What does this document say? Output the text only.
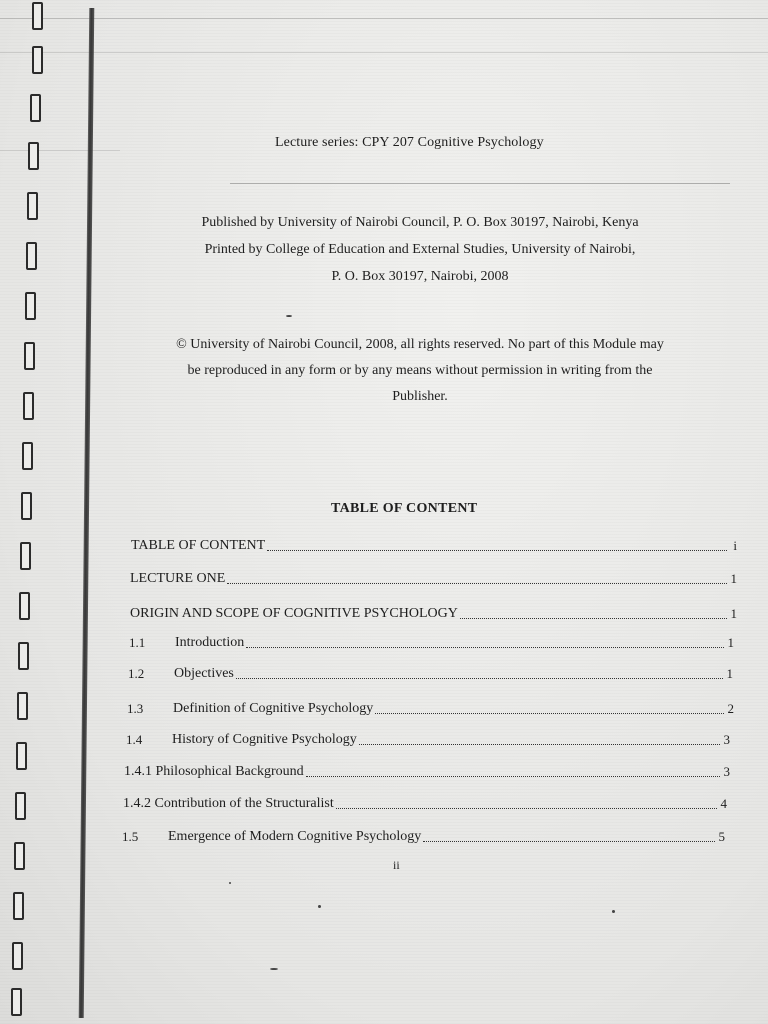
Lecture series: CPY 207 Cognitive Psychology
Published by University of Nairobi Council, P. O. Box 30197, Nairobi, Kenya
Printed by College of Education and External Studies, University of Nairobi,
P. O. Box 30197, Nairobi, 2008
© University of Nairobi Council, 2008, all rights reserved. No part of this Module may
be reproduced in any form or by any means without permission in writing from the
Publisher.
TABLE OF CONTENT
TABLE OF CONTENT	i
LECTURE ONE	1
ORIGIN AND SCOPE OF COGNITIVE PSYCHOLOGY	1
1.1	Introduction	1
1.2	Objectives	1
1.3	Definition of Cognitive Psychology	2
1.4	History of Cognitive Psychology	3
1.4.1 Philosophical Background	3
1.4.2 Contribution of the Structuralist	4
1.5	Emergence of Modern Cognitive Psychology	5
ii
